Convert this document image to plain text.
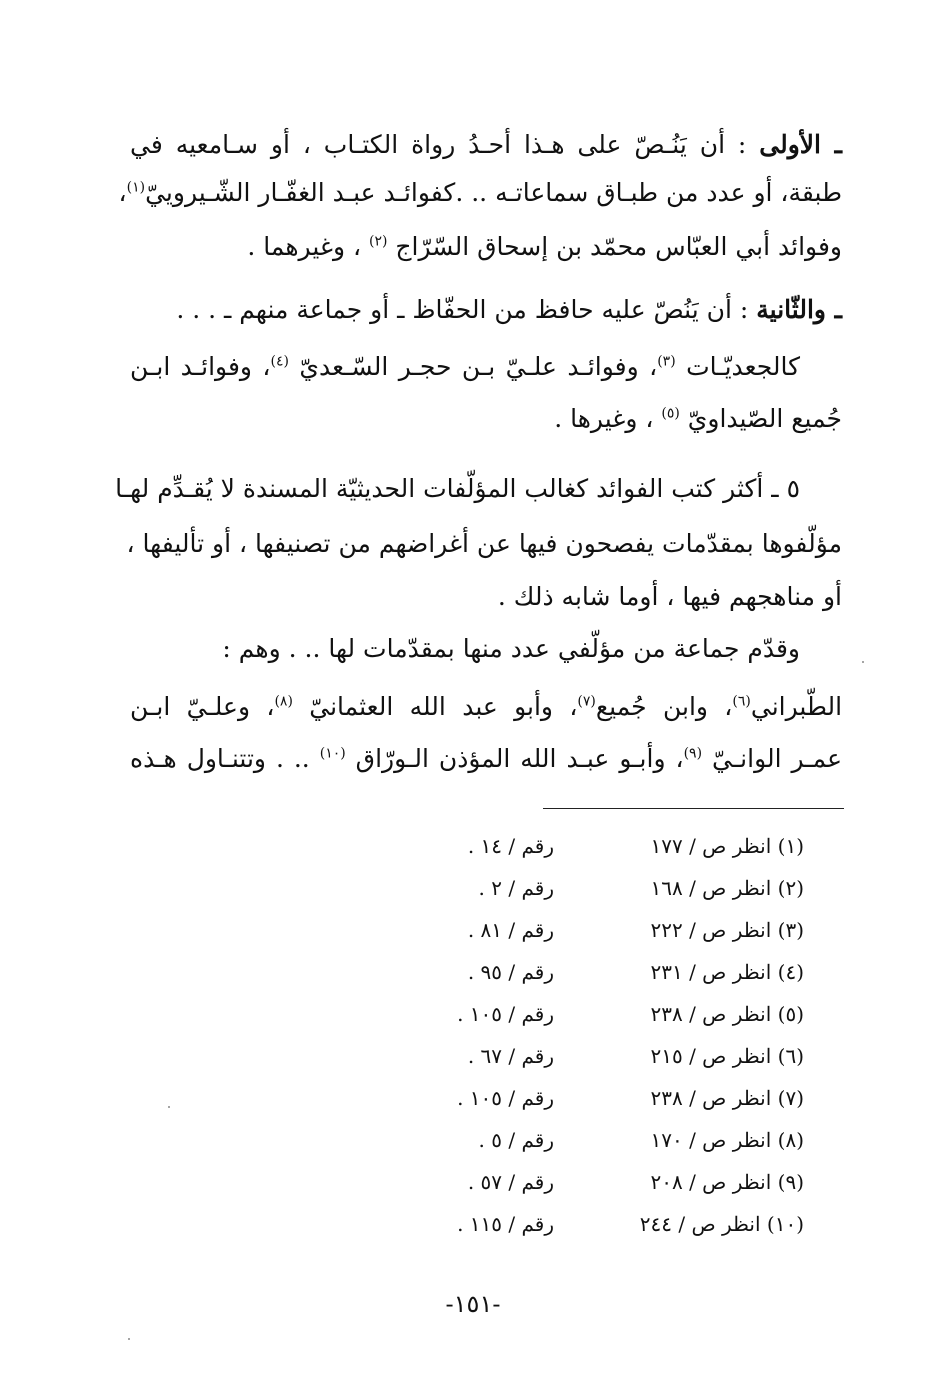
ـ الأولى : أن يَنُـصّ على هـذا أحـدُ رواة الكتـاب ، أو سـامعيه في
طبقة، أو عدد من طبـاق سماعاتـه .. .كفوائـد عبـد الغفّـار الشّـيروييّ$^{(١)}$،
وفوائد أبي العبّاس محمّد بن إسحاق السّرّاج $^{(٢)}$ ، وغيرهما .
ـ والثّانية : أن يَنُصّ عليه حافظ من الحفّاظ ـ أو جماعة منهم ـ . . .
كالجعديّـات $^{(٣)}$، وفوائـد علـيّ بـن حجـر السّـعديّ $^{(٤)}$، وفوائـد ابـن
جُميع الصّيداويّ $^{(٥)}$ ، وغيرها .
٥ ـ أكثر كتب الفوائد كغالب المؤلّفات الحديثيّة المسندة لا يُقـدِّم لهـا
مؤلّفوها بمقدّمات يفصحون فيها عن أغراضهم من تصنيفها ، أو تأليفها ،
أو مناهجهم فيها ، أوما شابه ذلك .
وقدّم جماعة من مؤلّفي عدد منها بمقدّمات لها .. . وهم :
الطّبراني$^{(٦)}$، وابن جُميع$^{(٧)}$، وأبو عبد الله العثمانيّ $^{(٨)}$، وعلـيّ ابـن
عمـر الوانـيّ $^{(٩)}$، وأبـو عبـد الله المؤذن الـورّاق $^{(١٠)}$ .. . وتتنـاول هـذه
(١) انظر ص / ١٧٧
رقم / ١٤ .
(٢) انظر ص / ١٦٨
رقم / ٢ .
(٣) انظر ص / ٢٢٢
رقم / ٨١ .
(٤) انظر ص / ٢٣١
رقم / ٩٥ .
(٥) انظر ص / ٢٣٨
رقم / ١٠٥ .
(٦) انظر ص / ٢١٥
رقم / ٦٧ .
(٧) انظر ص / ٢٣٨
رقم / ١٠٥ .
(٨) انظر ص / ١٧٠
رقم / ٥ .
(٩) انظر ص / ٢٠٨
رقم / ٥٧ .
(١٠) انظر ص / ٢٤٤
رقم / ١١٥ .
-١٥١-
